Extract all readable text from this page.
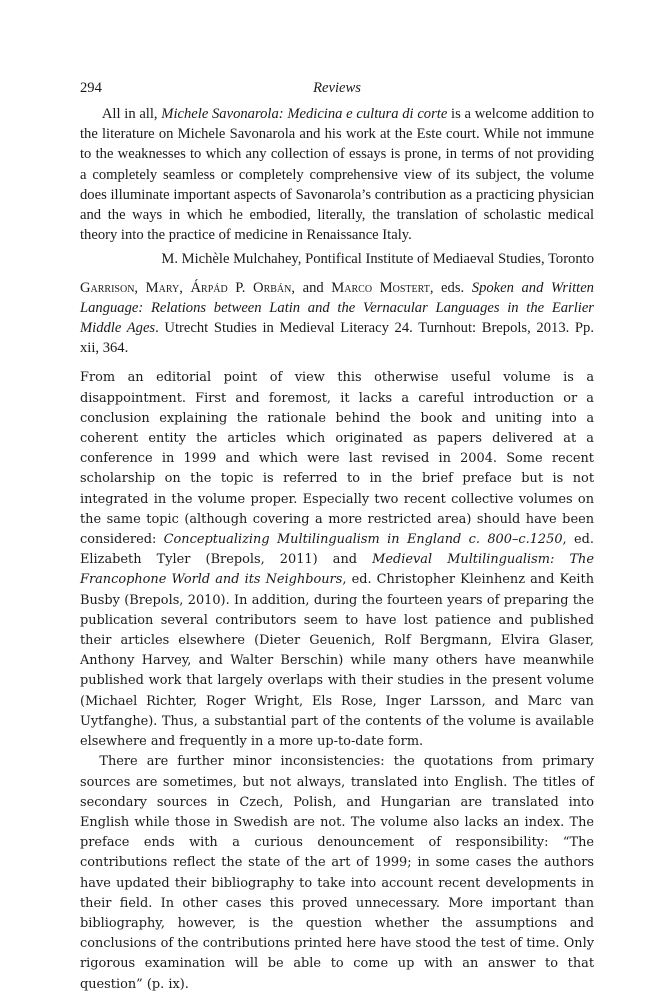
294	Reviews

All in all, Michele Savonarola: Medicina e cultura di corte is a welcome addition to the literature on Michele Savonarola and his work at the Este court. While not immune to the weaknesses to which any collection of essays is prone, in terms of not providing a completely seamless or completely comprehensive view of its subject, the volume does illuminate important aspects of Savonarola’s contribution as a practicing physician and the ways in which he embodied, literally, the translation of scholastic medical theory into the practice of medicine in Renaissance Italy.

M. Michèle Mulchahey, Pontifical Institute of Mediaeval Studies, Toronto

Garrison, Mary, Árpád P. Orbán, and Marco Mostert, eds. Spoken and Written Language: Relations between Latin and the Vernacular Languages in the Earlier Middle Ages. Utrecht Studies in Medieval Literacy 24. Turnhout: Brepols, 2013. Pp. xii, 364.

From an editorial point of view this otherwise useful volume is a disappointment. First and foremost, it lacks a careful introduction or a conclusion explaining the rationale behind the book and uniting into a coherent entity the articles which originated as papers delivered at a conference in 1999 and which were last revised in 2004. Some recent scholarship on the topic is referred to in the brief preface but is not integrated in the volume proper. Especially two recent collective volumes on the same topic (although covering a more restricted area) should have been considered: Conceptualizing Multilingualism in England c. 800–c.1250, ed. Elizabeth Tyler (Brepols, 2011) and Medieval Multilingualism: The Francophone World and its Neighbours, ed. Christopher Kleinhenz and Keith Busby (Brepols, 2010). In addition, during the fourteen years of preparing the publication several contributors seem to have lost patience and published their articles elsewhere (Dieter Geuenich, Rolf Bergmann, Elvira Glaser, Anthony Harvey, and Walter Berschin) while many others have meanwhile published work that largely overlaps with their studies in the present volume (Michael Richter, Roger Wright, Els Rose, Inger Larsson, and Marc van Uytfanghe). Thus, a substantial part of the contents of the volume is available elsewhere and frequently in a more up-to-date form.

There are further minor inconsistencies: the quotations from primary sources are sometimes, but not always, translated into English. The titles of secondary sources in Czech, Polish, and Hungarian are translated into English while those in Swedish are not. The volume also lacks an index. The preface ends with a curious denouncement of responsibility: “The contributions reflect the state of the art of 1999; in some cases the authors have updated their bibliography to take into account recent developments in their field. In other cases this proved unnecessary. More important than bibliography, however, is the question whether the assumptions and conclusions of the contributions printed here have stood the test of time. Only rigorous examination will be able to come up with an answer to that question” (p. ix).
